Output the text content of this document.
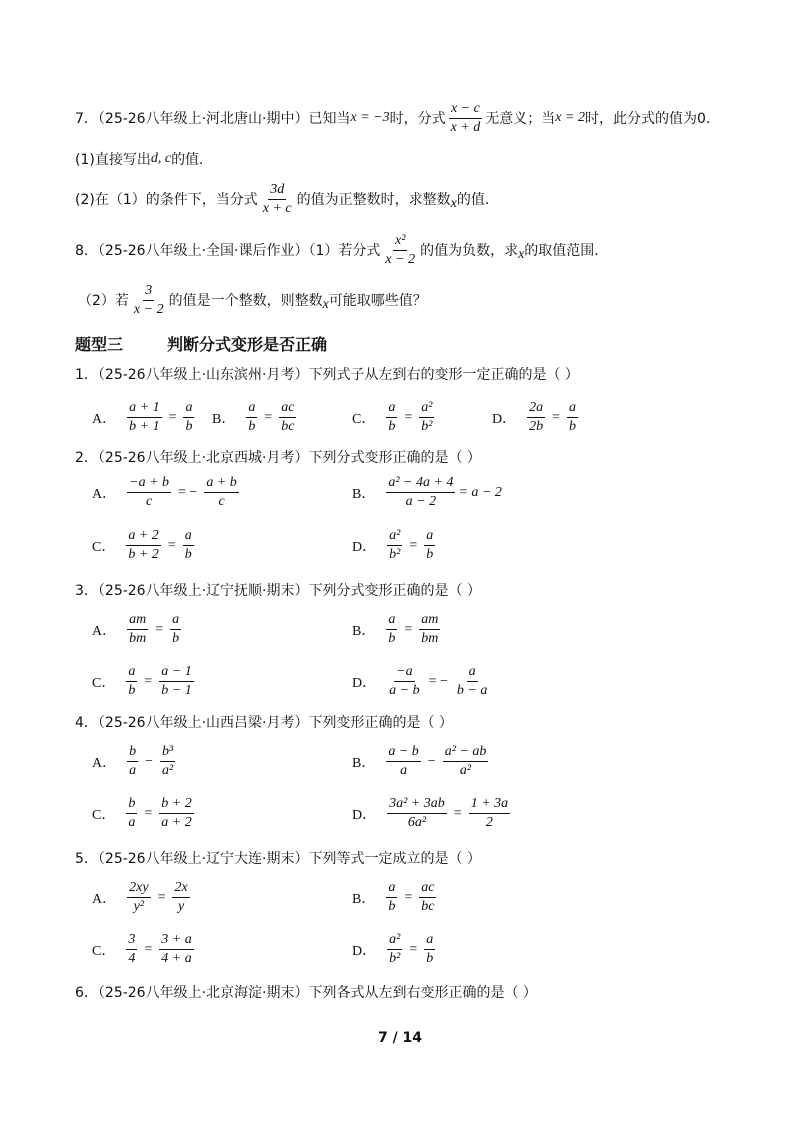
7．（25-26八年级上·河北唐山·期中）已知当 x = −3 时，分式 $\frac{x - c}{x + d}$ 无意义；当 x = 2 时，此分式的值为0.
(1)直接写出 d, c 的值.
(2)在（1）的条件下，当分式 $\frac{3d}{x + c}$ 的值为正整数时，求整数 x 的值.
8．（25-26八年级上·全国·课后作业）（1）若分式 $\frac{\text{x²}}{x - 2}$ 的值为负数，求 x 的取值范围.
（2）若 $\frac{3}{x - 2}$ 的值是一个整数，则整数 x 可能取哪些值？
题型三	判断分式变形是否正确
1．（25-26八年级上·山东滨州·月考）下列式子从左到右的变形一定正确的是（ ）
A． $\frac{a + 1}{b + 1} = \frac{a}{b}$ B． $\frac{a}{b} = \frac{ac}{bc}$	C． $\frac{a}{b} = \frac{\text{a²}}{\text{b²}}$	D． $\frac{2a}{2b} = \frac{a}{b}$
2．（25-26八年级上·北京西城·月考）下列分式变形正确的是（ ）
A． $\frac{-a + b}{c}$ = − $\frac{a + b}{c}$	B． $\frac{\text{a² − 4a + 4}}{a - 2} = a - 2$
C． $\frac{a + 2}{b + 2} = \frac{a}{b}$	D． $\frac{\text{a²}}{\text{b²}} = \frac{a}{b}$
3．（25-26八年级上·辽宁抚顺·期末）下列分式变形正确的是（ ）
A． $\frac{am}{bm} = \frac{a}{b}$	B． $\frac{a}{b} = \frac{am}{bm}$
C． $\frac{a}{b} = \frac{a - 1}{b - 1}$	D． $\frac{-a}{a - b}$ = − $\frac{a}{b - a}$
4．（25-26八年级上·山西吕梁·月考）下列变形正确的是（ ）
A． $\frac{b}{a} - \frac{\text{b³}}{\text{a²}}$	B． $\frac{a - b}{a} - \frac{\text{a² − ab}}{\text{a²}}$
C． $\frac{b}{a} = \frac{b + 2}{a + 2}$	D． $\frac{\text{3a² + 3ab}}{\text{6a²}} = \frac{1 + 3a}{2}$
5．（25-26八年级上·辽宁大连·期末）下列等式一定成立的是（ ）
A． $\frac{2xy}{\text{y²}} = \frac{2x}{y}$	B． $\frac{a}{b} = \frac{ac}{bc}$
C． $\frac{3}{4} = \frac{3 + a}{4 + a}$	D． $\frac{\text{a²}}{\text{b²}} = \frac{a}{b}$
6．（25-26八年级上·北京海淀·期末）下列各式从左到右变形正确的是（ ）
7 / 14
